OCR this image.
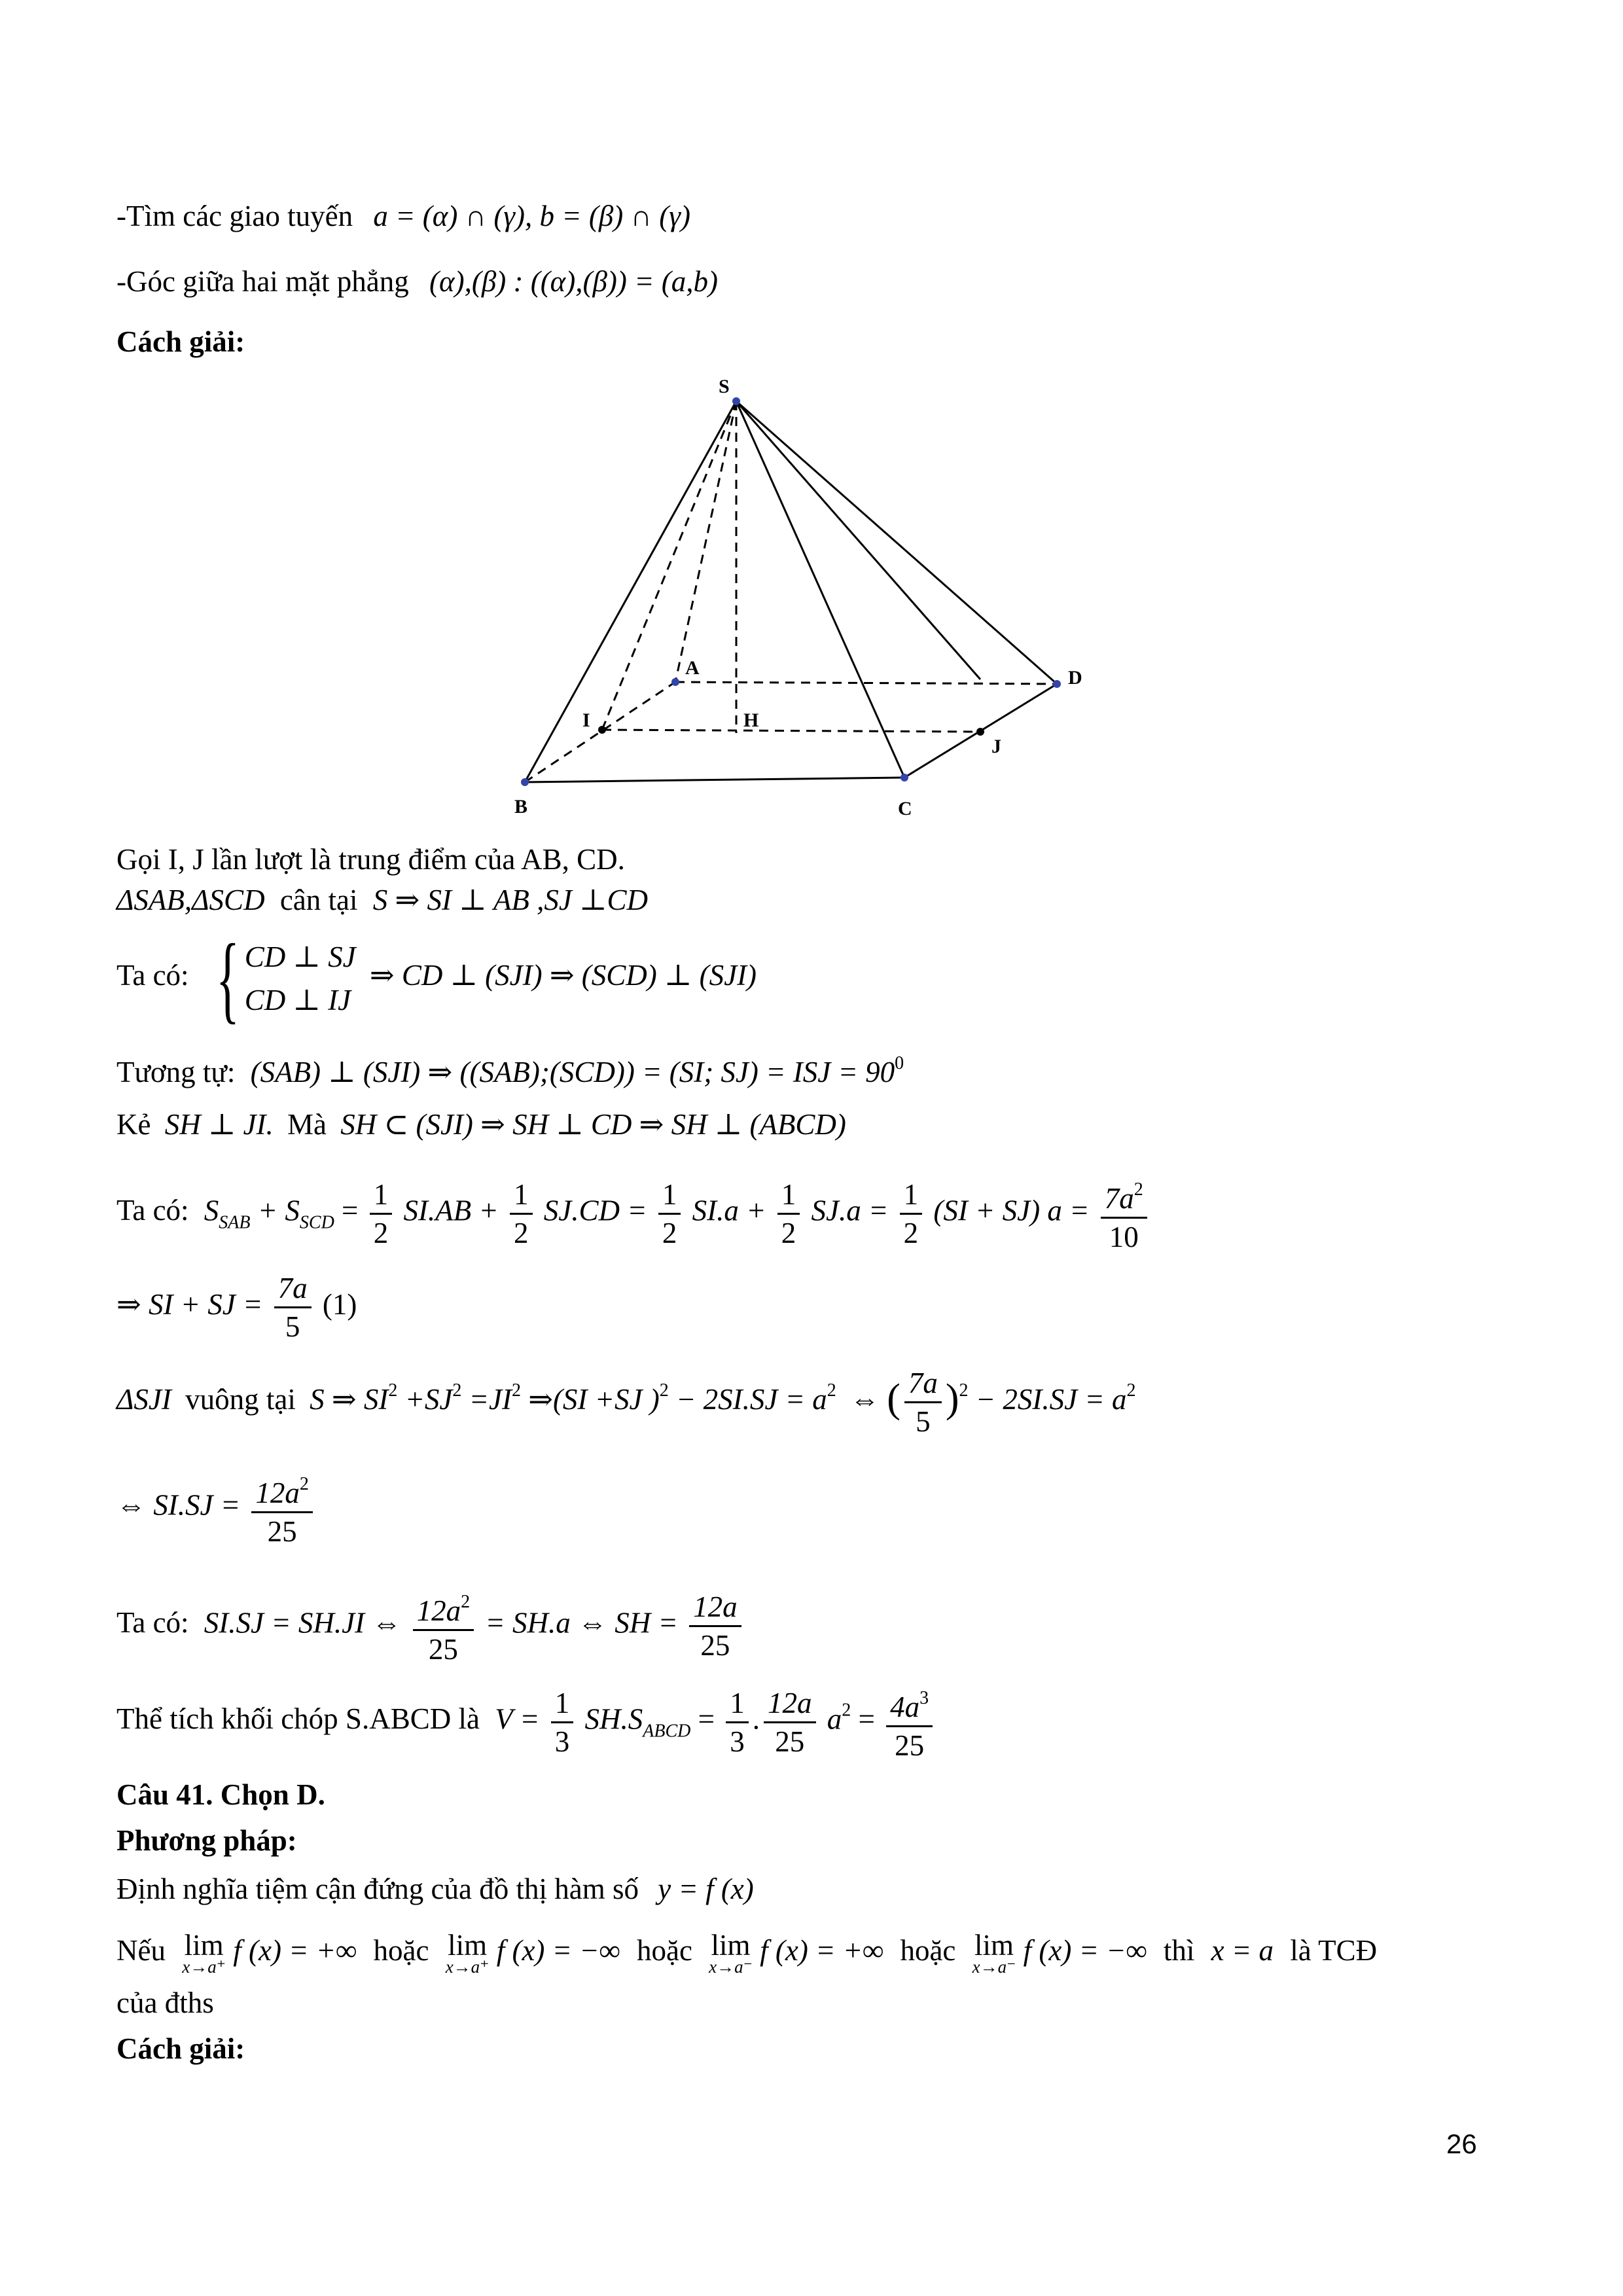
-Tìm các giao tuyến a = (α) ∩ (γ), b = (β) ∩ (γ)
-Góc giữa hai mặt phẳng (α),(β) : ((α),(β)) = (a,b)
Cách giải:
S
A	D
I	H
J
B	C
Gọi I, J lần lượt là trung điểm của AB, CD.
ΔSAB,ΔSCD cân tại S ⇒ SI ⊥ AB ,SJ ⊥CD
Ta có: { CD ⊥ SJ
CD ⊥ IJ
⇒ CD ⊥ (SJI) ⇒ (SCD) ⊥ (SJI)
Tương tự: (SAB) ⊥ (SJI) ⇒ ((SAB);(SCD)) = (SI; SJ) = ISJ = $90^0$
Kẻ SH ⊥ JI. Mà SH ⊂ (SJI) ⇒ SH ⊥ CD ⇒ SH ⊥ (ABCD)
Ta có: $S_{SAB} + S_{SCD} = \frac{1}{2} SI.AB + \frac{1}{2} SJ.CD = \frac{1}{2} SI.a + \frac{1}{2} SJ.a = \frac{1}{2} (SI + SJ) a = \frac{7a^2}{10}$
⇒ SI + SJ = $\frac{7a}{5} (1)$
ΔSJI vuông tại S ⇒ $SI^2 +SJ^2 =JI^2$ ⇒(SI +SJ )$^2 - 2SI.SJ = a^2$ ⇔ ( $\frac{7a}{5} )^2 - 2SI.SJ = a^2$
⇔ $SI.SJ = \frac{12a^2}{25}$
Ta có: SI.SJ = SH.JI ⇔ $\frac{12a^2}{25} = SH.a$ ⇔ SH = $\frac{12a}{25}$
Thể tích khối chóp S.ABCD là $V = \frac{1}{3} SH.S_{ABCD} = \frac{1}{3}$ . $\frac{12a}{25} a^2 = \frac{4a^3}{25}$
Câu 41. Chọn D.
Phương pháp:
Định nghĩa tiệm cận đứng của đồ thị hàm số y = f (x)
Nếu lim
x→a⁺ f (x) = +∞ hoặc lim
x→a⁺ f (x) = −∞ hoặc lim
x→a⁻ f (x) = +∞ hoặc lim
x→a⁻ f (x) = −∞ thì x = a là TCĐ
của đths
Cách giải:
26
